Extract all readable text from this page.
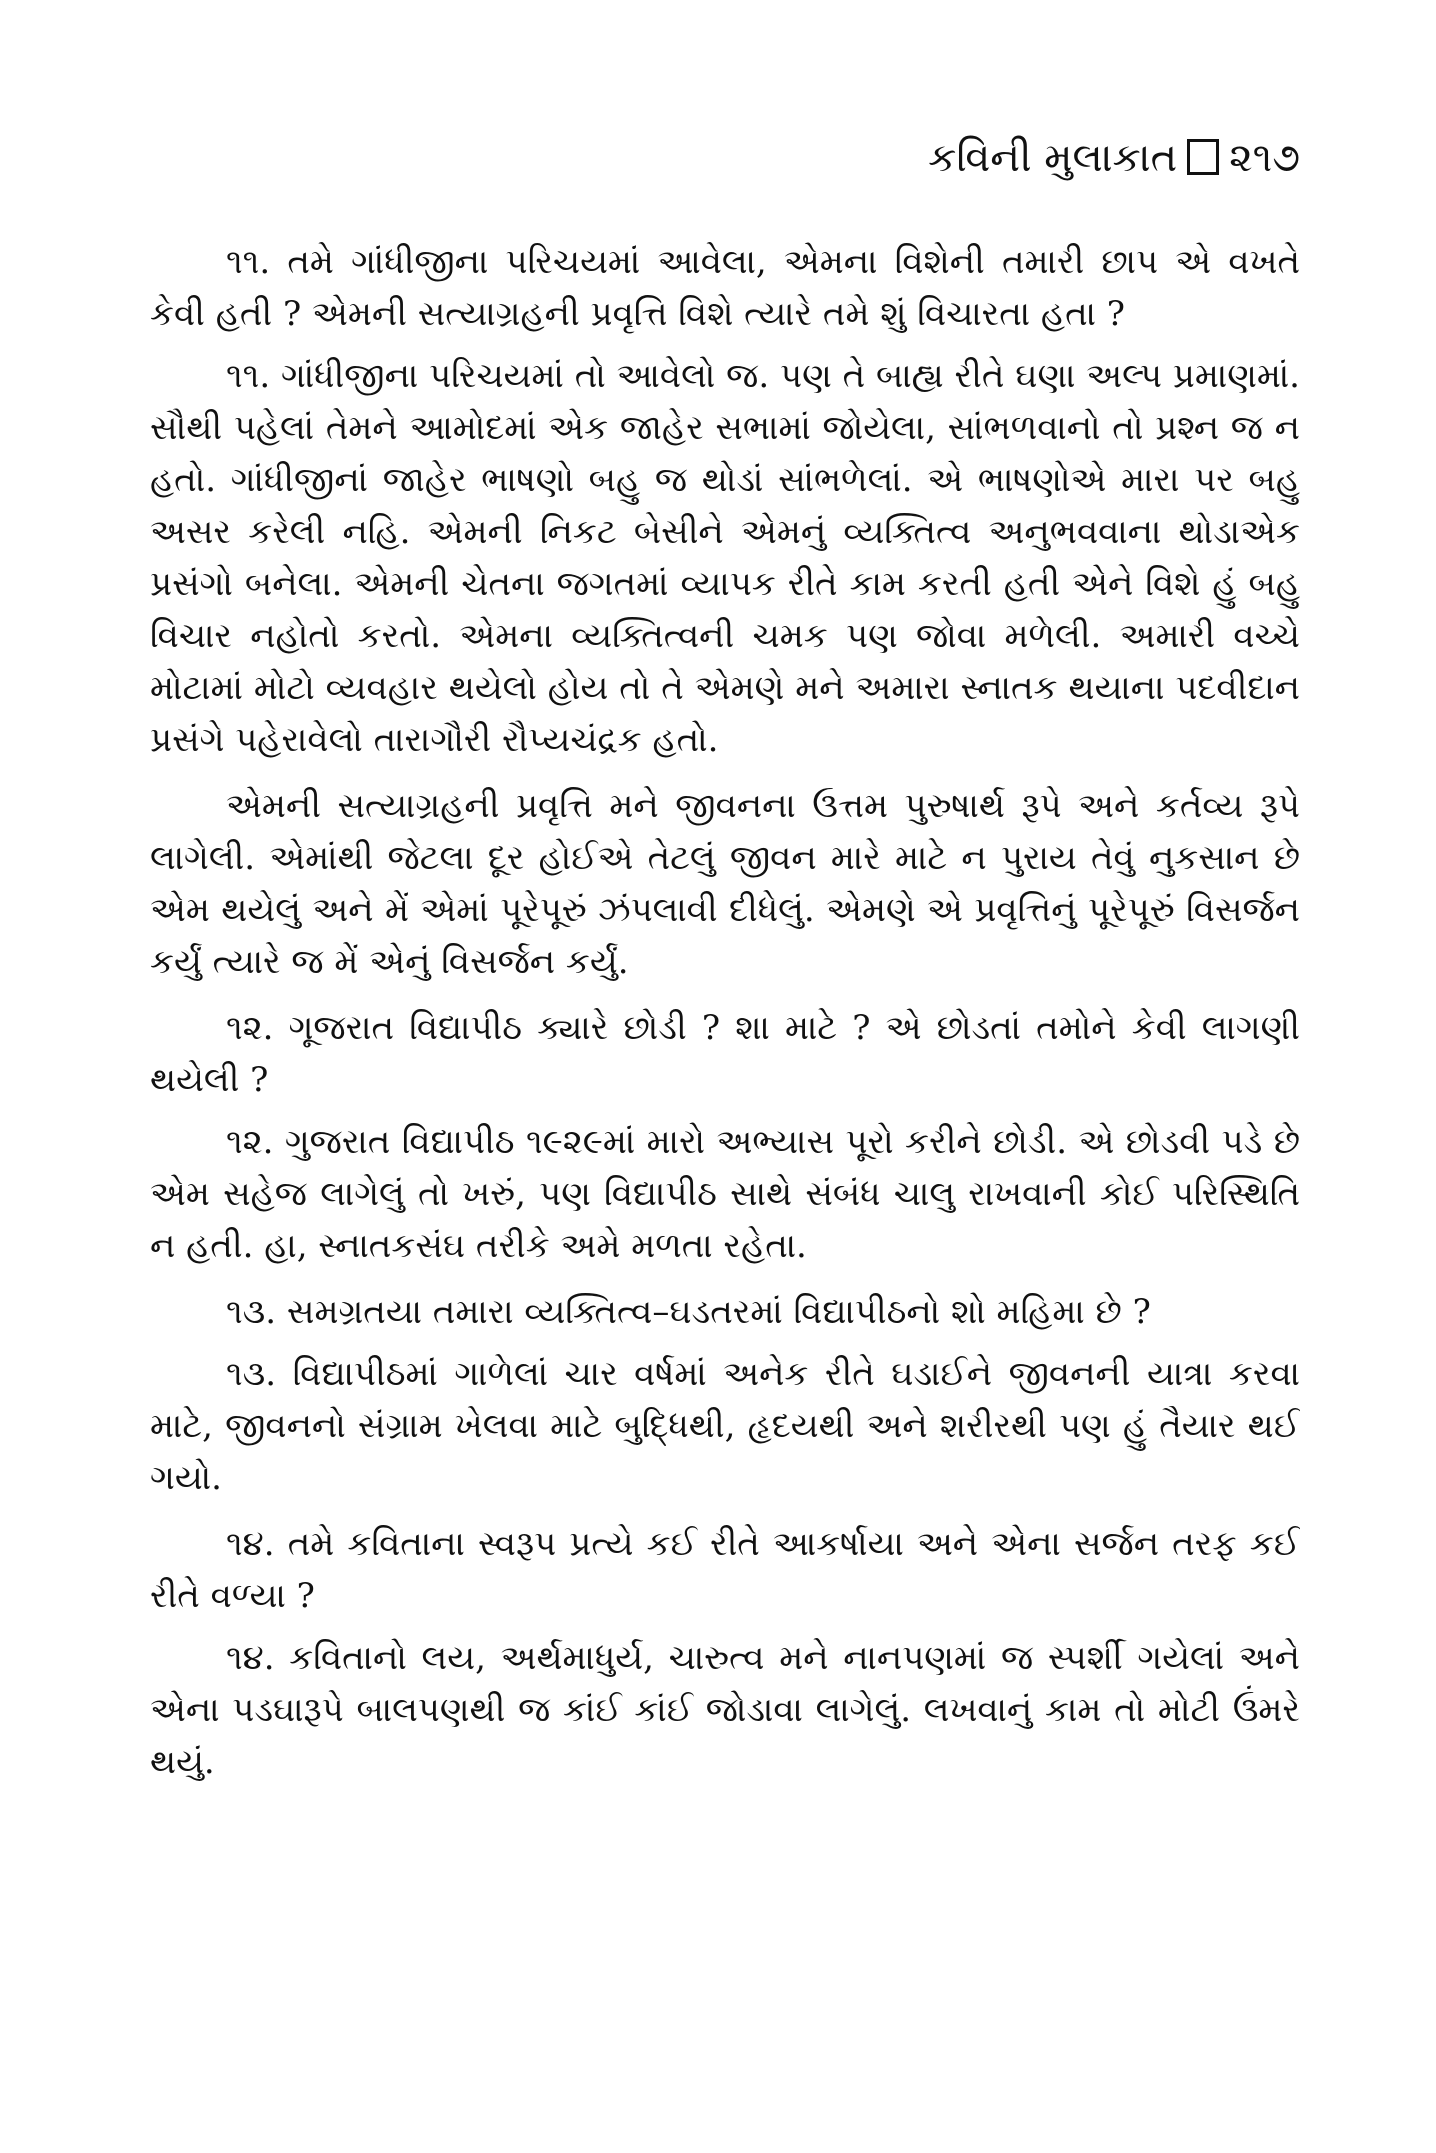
કવિની મુલાકાત ૨૧૭

૧૧. તમે ગાંધીજીના પરિચયમાં આવેલા, એમના વિશેની તમારી છાપ એ વખતે કેવી હતી ? એમની સત્યાગ્રહની પ્રવૃત્તિ વિશે ત્યારે તમે શું વિચારતા હતા ?

૧૧. ગાંધીજીના પરિચયમાં તો આવેલો જ. પણ તે બાહ્ય રીતે ઘણા અલ્પ પ્રમાણમાં. સૌથી પહેલાં તેમને આમોદમાં એક જાહેર સભામાં જોયેલા, સાંભળવાનો તો પ્રશ્ન જ ન હતો. ગાંધીજીનાં જાહેર ભાષણો બહુ જ થોડાં સાંભળેલાં. એ ભાષણોએ મારા પર બહુ અસર કરેલી નહિ. એમની નિકટ બેસીને એમનું વ્યક્તિત્વ અનુભવવાના થોડાએક પ્રસંગો બનેલા. એમની ચેતના જગતમાં વ્યાપક રીતે કામ કરતી હતી એને વિશે હું બહુ વિચાર નહોતો કરતો. એમના વ્યક્તિત્વની ચમક પણ જોવા મળેલી. અમારી વચ્ચે મોટામાં મોટો વ્યવહાર થયેલો હોય તો તે એમણે મને અમારા સ્નાતક થયાના પદવીદાન પ્રસંગે પહેરાવેલો તારાગૌરી રૌપ્યચંદ્રક હતો.

એમની સત્યાગ્રહની પ્રવૃત્તિ મને જીવનના ઉત્તમ પુરુષાર્થ રૂપે અને કર્તવ્ય રૂપે લાગેલી. એમાંથી જેટલા દૂર હોઈએ તેટલું જીવન મારે માટે ન પુરાય તેવું નુકસાન છે એમ થયેલું અને મેં એમાં પૂરેપૂરું ઝંપલાવી દીધેલું. એમણે એ પ્રવૃત્તિનું પૂરેપૂરું વિસર્જન કર્યું ત્યારે જ મેં એનું વિસર્જન કર્યું.

૧૨. ગૂજરાત વિદ્યાપીઠ ક્યારે છોડી ? શા માટે ? એ છોડતાં તમોને કેવી લાગણી થયેલી ?

૧૨. ગુજરાત વિદ્યાપીઠ ૧૯૨૯માં મારો અભ્યાસ પૂરો કરીને છોડી. એ છોડવી પડે છે એમ સહેજ લાગેલું તો ખરું, પણ વિદ્યાપીઠ સાથે સંબંધ ચાલુ રાખવાની કોઈ પરિસ્થિતિ ન હતી. હા, સ્નાતકસંઘ તરીકે અમે મળતા રહેતા.

૧૩. સમગ્રતયા તમારા વ્યક્તિત્વ–ઘડતરમાં વિદ્યાપીઠનો શો મહિમા છે ?

૧૩. વિદ્યાપીઠમાં ગાળેલાં ચાર વર્ષમાં અનેક રીતે ઘડાઈને જીવનની યાત્રા કરવા માટે, જીવનનો સંગ્રામ ખેલવા માટે બુદ્ધિથી, હૃદયથી અને શરીરથી પણ હું તૈયાર થઈ ગયો.

૧૪. તમે કવિતાના સ્વરૂપ પ્રત્યે કઈ રીતે આકર્ષાયા અને એના સર્જન તરફ કઈ રીતે વળ્યા ?

૧૪. કવિતાનો લય, અર્થમાધુર્ય, ચારુત્વ મને નાનપણમાં જ સ્પર્શી ગયેલાં અને એના પડઘારૂપે બાલપણથી જ કાંઈ કાંઈ જોડાવા લાગેલું. લખવાનું કામ તો મોટી ઉંમરે થયું.
